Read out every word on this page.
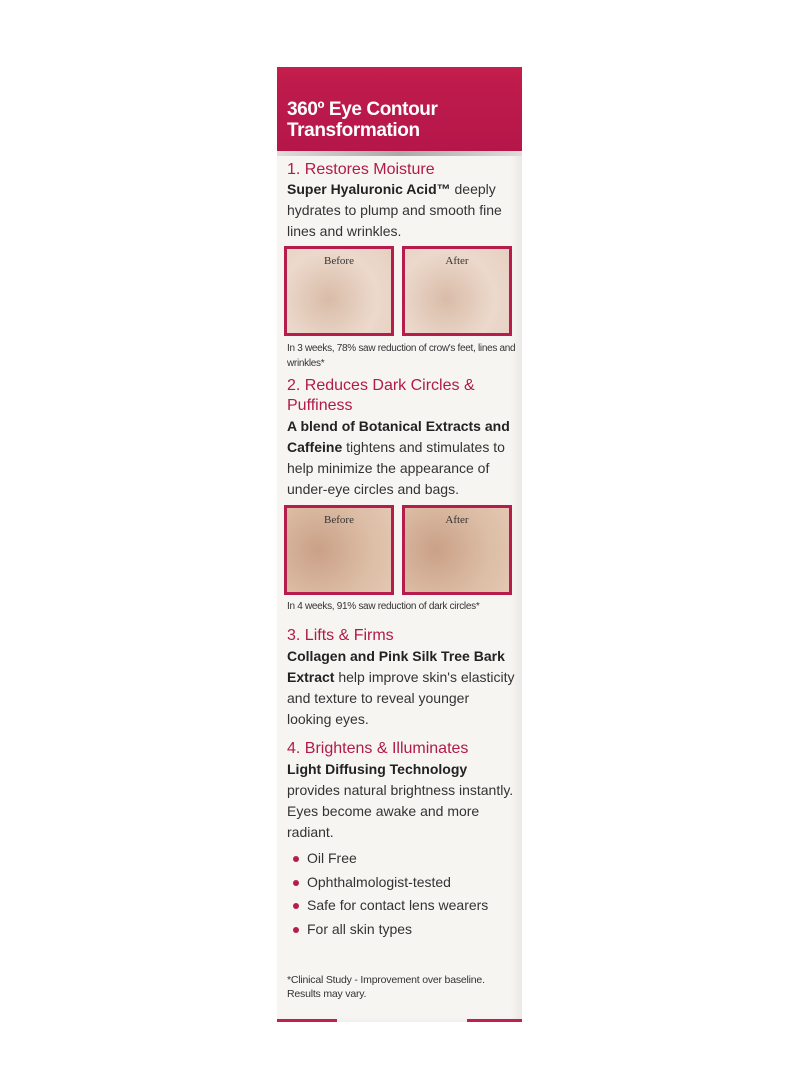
360º Eye Contour
Transformation
1. Restores Moisture

Super Hyaluronic Acid™ deeply hydrates to plump and smooth fine lines and wrinkles.

Before	After
In 3 weeks, 78% saw reduction of crow's feet, lines and wrinkles*
2. Reduces Dark Circles &
Puffiness

A blend of Botanical Extracts and Caffeine tightens and stimulates to help minimize the appearance of under-eye circles and bags.

Before	After
In 4 weeks, 91% saw reduction of dark circles*
3. Lifts & Firms

Collagen and Pink Silk Tree Bark Extract help improve skin's elasticity and texture to reveal younger looking eyes.

4. Brightens & Illuminates

Light Diffusing Technology provides natural brightness instantly. Eyes become awake and more radiant.

Oil Free
Ophthalmologist-tested
Safe for contact lens wearers
For all skin types
*Clinical Study - Improvement over baseline. Results may vary.
